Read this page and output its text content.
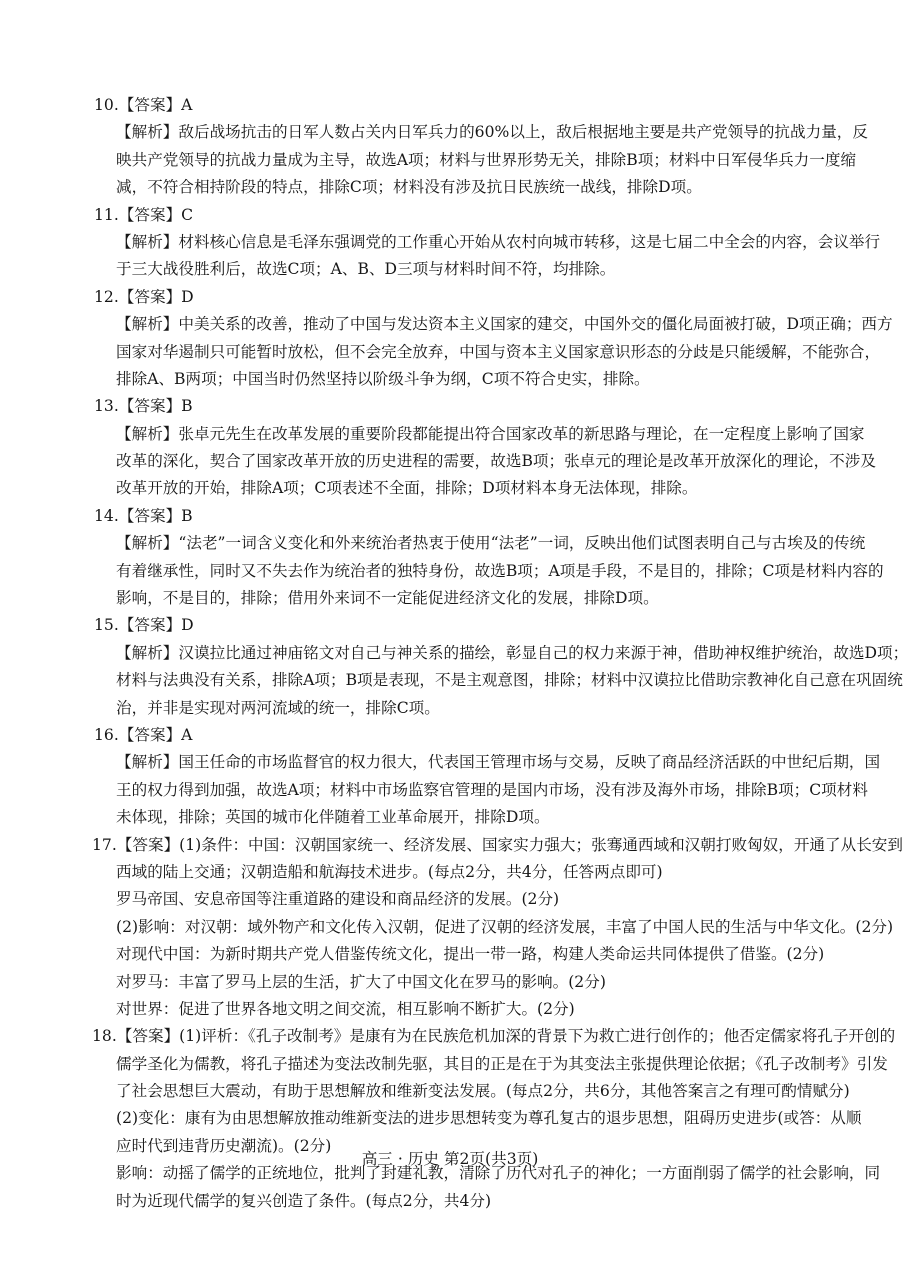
10.【答案】A
【解析】敌后战场抗击的日军人数占关内日军兵力的60%以上，敌后根据地主要是共产党领导的抗战力量，反
映共产党领导的抗战力量成为主导，故选A项；材料与世界形势无关，排除B项；材料中日军侵华兵力一度缩
减，不符合相持阶段的特点，排除C项；材料没有涉及抗日民族统一战线，排除D项。
11.【答案】C
【解析】材料核心信息是毛泽东强调党的工作重心开始从农村向城市转移，这是七届二中全会的内容，会议举行
于三大战役胜利后，故选C项；A、B、D三项与材料时间不符，均排除。
12.【答案】D
【解析】中美关系的改善，推动了中国与发达资本主义国家的建交，中国外交的僵化局面被打破，D项正确；西方
国家对华遏制只可能暂时放松，但不会完全放弃，中国与资本主义国家意识形态的分歧是只能缓解，不能弥合，
排除A、B两项；中国当时仍然坚持以阶级斗争为纲，C项不符合史实，排除。
13.【答案】B
【解析】张卓元先生在改革发展的重要阶段都能提出符合国家改革的新思路与理论，在一定程度上影响了国家
改革的深化，契合了国家改革开放的历史进程的需要，故选B项；张卓元的理论是改革开放深化的理论，不涉及
改革开放的开始，排除A项；C项表述不全面，排除；D项材料本身无法体现，排除。
14.【答案】B
【解析】“法老”一词含义变化和外来统治者热衷于使用“法老”一词，反映出他们试图表明自己与古埃及的传统
有着继承性，同时又不失去作为统治者的独特身份，故选B项；A项是手段，不是目的，排除；C项是材料内容的
影响，不是目的，排除；借用外来词不一定能促进经济文化的发展，排除D项。
15.【答案】D
【解析】汉谟拉比通过神庙铭文对自己与神关系的描绘，彰显自己的权力来源于神，借助神权维护统治，故选D项；
材料与法典没有关系，排除A项；B项是表现，不是主观意图，排除；材料中汉谟拉比借助宗教神化自己意在巩固统
治，并非是实现对两河流域的统一，排除C项。
16.【答案】A
【解析】国王任命的市场监督官的权力很大，代表国王管理市场与交易，反映了商品经济活跃的中世纪后期，国
王的权力得到加强，故选A项；材料中市场监察官管理的是国内市场，没有涉及海外市场，排除B项；C项材料
未体现，排除；英国的城市化伴随着工业革命展开，排除D项。
17.【答案】(1)条件：中国：汉朝国家统一、经济发展、国家实力强大；张骞通西域和汉朝打败匈奴，开通了从长安到
西域的陆上交通；汉朝造船和航海技术进步。(每点2分，共4分，任答两点即可)
罗马帝国、安息帝国等注重道路的建设和商品经济的发展。(2分)
(2)影响：对汉朝：域外物产和文化传入汉朝，促进了汉朝的经济发展，丰富了中国人民的生活与中华文化。(2分)
对现代中国：为新时期共产党人借鉴传统文化，提出一带一路，构建人类命运共同体提供了借鉴。(2分)
对罗马：丰富了罗马上层的生活，扩大了中国文化在罗马的影响。(2分)
对世界：促进了世界各地文明之间交流，相互影响不断扩大。(2分)
18.【答案】(1)评析：《孔子改制考》是康有为在民族危机加深的背景下为救亡进行创作的；他否定儒家将孔子开创的
儒学圣化为儒教，将孔子描述为变法改制先驱，其目的正是在于为其变法主张提供理论依据；《孔子改制考》引发
了社会思想巨大震动，有助于思想解放和维新变法发展。(每点2分，共6分，其他答案言之有理可酌情赋分)
(2)变化：康有为由思想解放推动维新变法的进步思想转变为尊孔复古的退步思想，阻碍历史进步(或答：从顺
应时代到违背历史潮流)。(2分)
影响：动摇了儒学的正统地位，批判了封建礼教，清除了历代对孔子的神化；一方面削弱了儒学的社会影响，同
时为近现代儒学的复兴创造了条件。(每点2分，共4分)
高三 · 历史 第2页(共3页)
